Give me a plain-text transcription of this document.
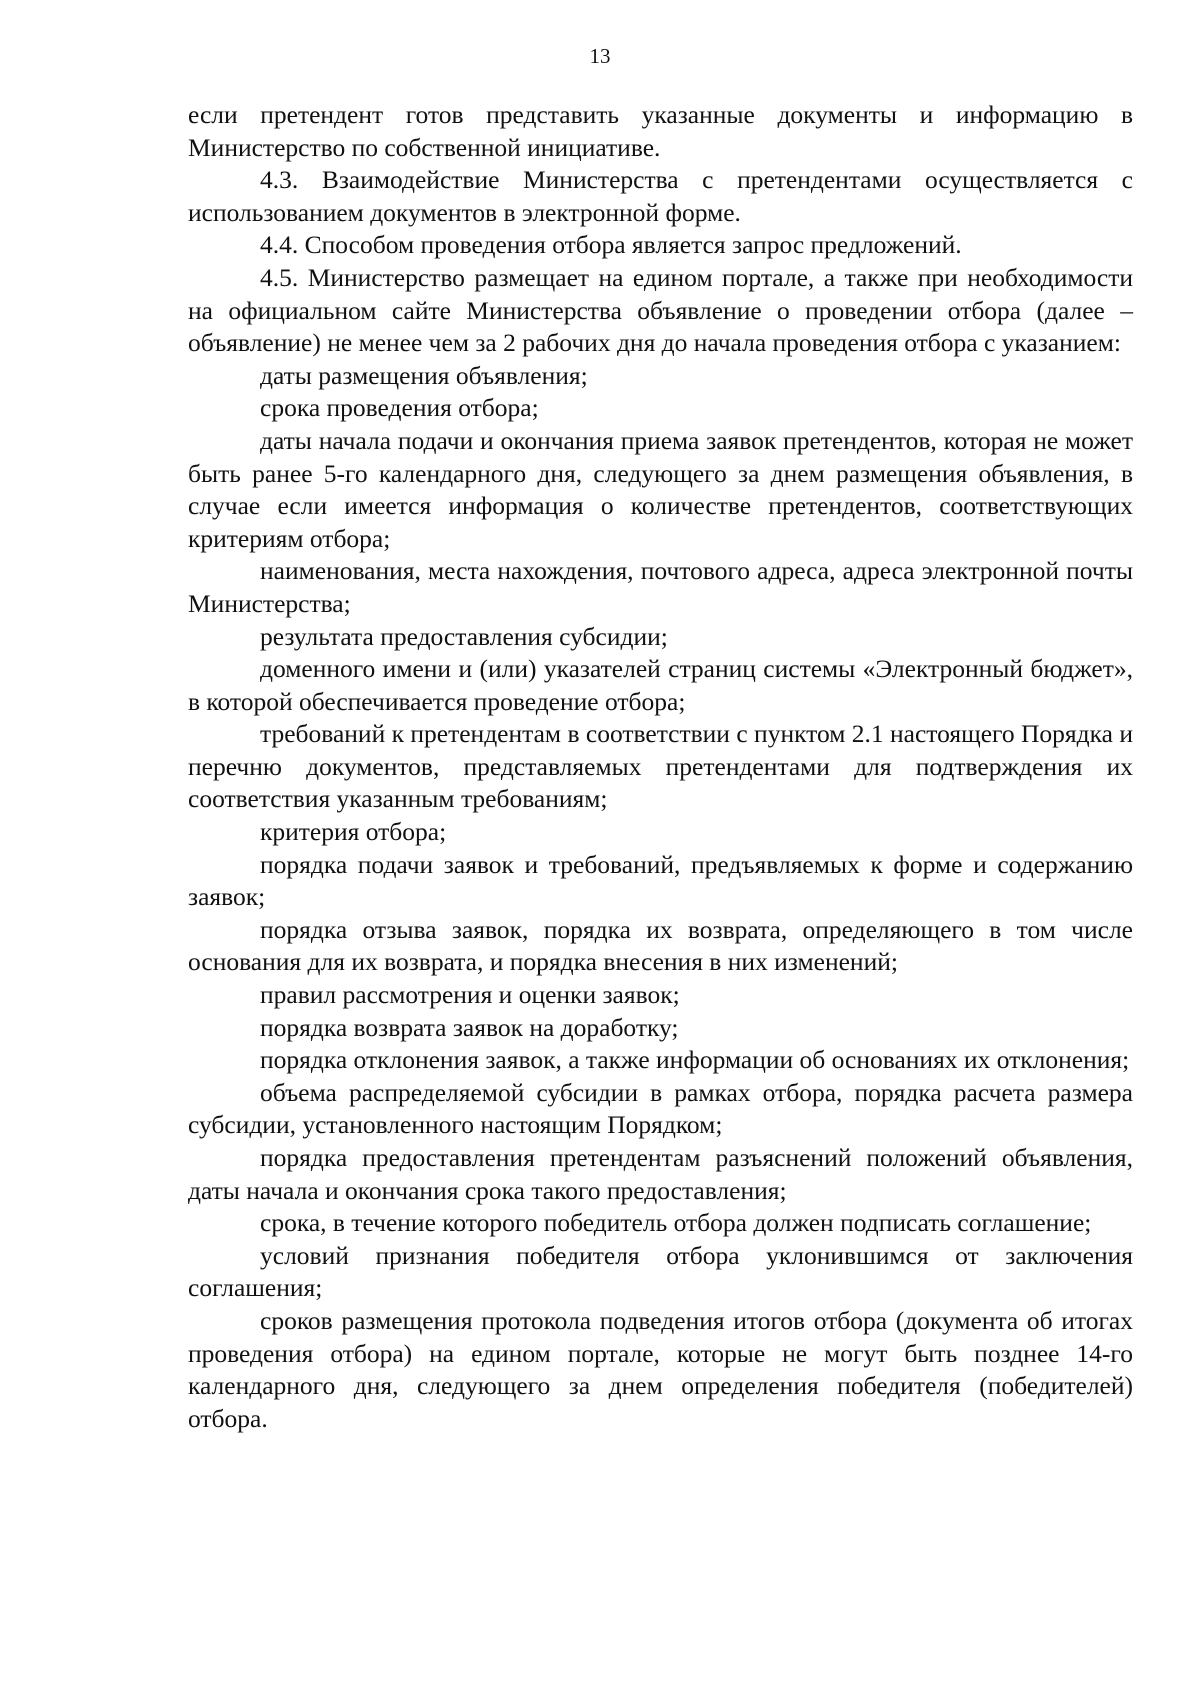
13

если претендент готов представить указанные документы и информацию в Министерство по собственной инициативе.

4.3. Взаимодействие Министерства с претендентами осуществляется с использованием документов в электронной форме.

4.4. Способом проведения отбора является запрос предложений.

4.5. Министерство размещает на едином портале, а также при необходимости на официальном сайте Министерства объявление о проведении отбора (далее – объявление) не менее чем за 2 рабочих дня до начала проведения отбора с указанием:

даты размещения объявления;

срока проведения отбора;

даты начала подачи и окончания приема заявок претендентов, которая не может быть ранее 5-го календарного дня, следующего за днем размещения объявления, в случае если имеется информация о количестве претендентов, соответствующих критериям отбора;

наименования, места нахождения, почтового адреса, адреса электронной почты Министерства;

результата предоставления субсидии;

доменного имени и (или) указателей страниц системы «Электронный бюджет», в которой обеспечивается проведение отбора;

требований к претендентам в соответствии с пунктом 2.1 настоящего Порядка и перечню документов, представляемых претендентами для подтверждения их соответствия указанным требованиям;

критерия отбора;

порядка подачи заявок и требований, предъявляемых к форме и содержанию заявок;

порядка отзыва заявок, порядка их возврата, определяющего в том числе основания для их возврата, и порядка внесения в них изменений;

правил рассмотрения и оценки заявок;

порядка возврата заявок на доработку;

порядка отклонения заявок, а также информации об основаниях их отклонения;

объема распределяемой субсидии в рамках отбора, порядка расчета размера субсидии, установленного настоящим Порядком;

порядка предоставления претендентам разъяснений положений объявления, даты начала и окончания срока такого предоставления;

срока, в течение которого победитель отбора должен подписать соглашение;

условий признания победителя отбора уклонившимся от заключения соглашения;

сроков размещения протокола подведения итогов отбора (документа об итогах проведения отбора) на едином портале, которые не могут быть позднее 14-го календарного дня, следующего за днем определения победителя (победителей) отбора.
